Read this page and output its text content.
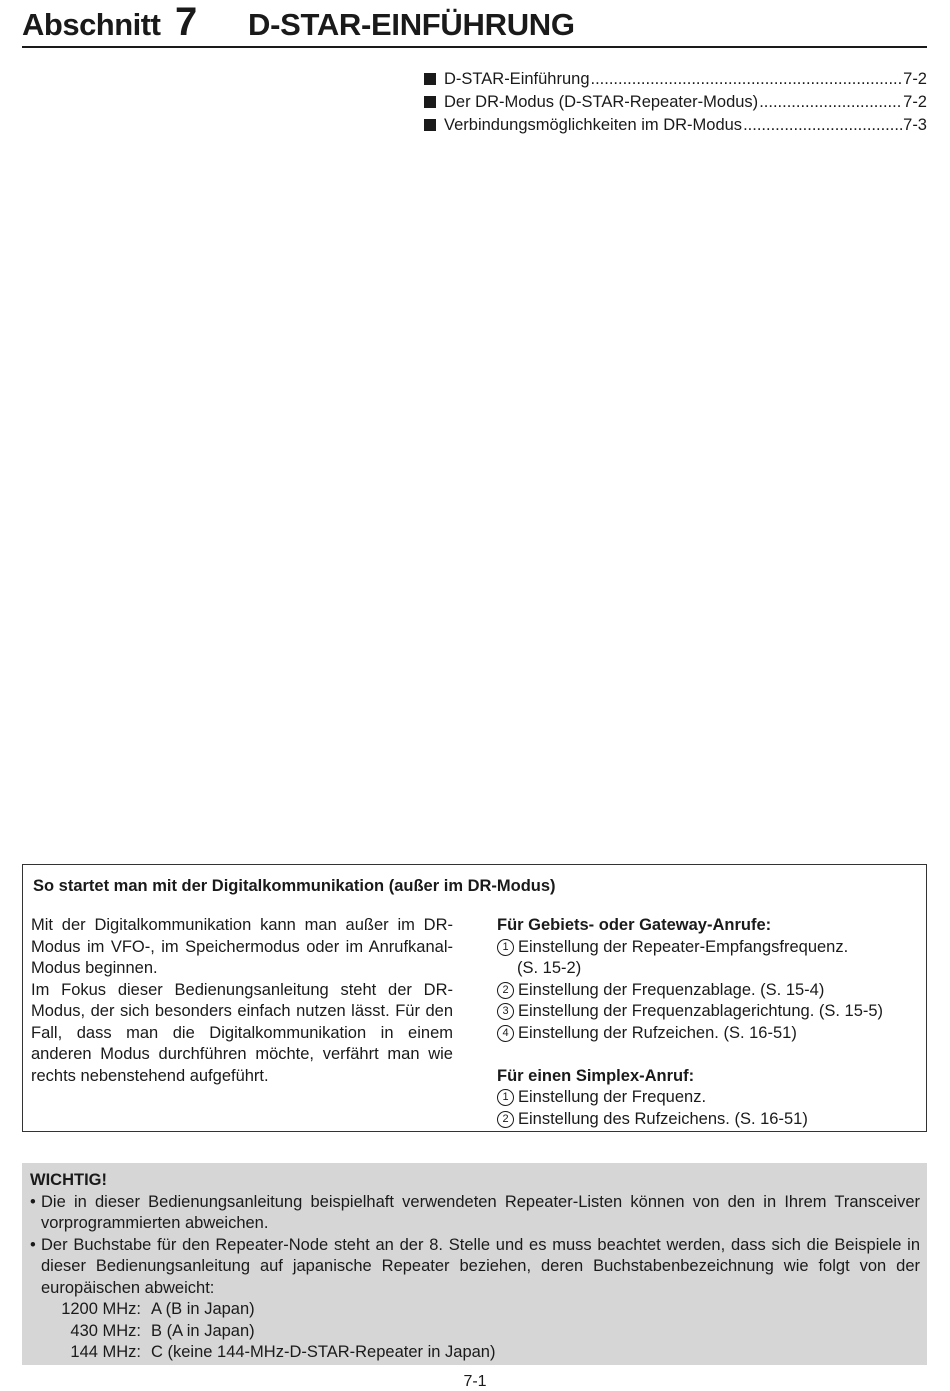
Abschnitt 7 D-STAR-EINFÜHRUNG
D-STAR-Einführung .....	7-2
Der DR-Modus (D-STAR-Repeater-Modus) .....	7-2
Verbindungsmöglichkeiten im DR-Modus .....	7-3
So startet man mit der Digitalkommunikation (außer im DR-Modus)

Mit der Digitalkommunikation kann man außer im DR-Modus im VFO-, im Speichermodus oder im Anrufkanal-Modus beginnen.

Im Fokus dieser Bedienungsanleitung steht der DR-Modus, der sich besonders einfach nutzen lässt. Für den Fall, dass man die Digitalkommunikation in einem anderen Modus durchführen möchte, verfährt man wie rechts nebenstehend aufgeführt.

Für Gebiets- oder Gateway-Anrufe:
1 Einstellung der Repeater-Empfangsfrequenz.
(S. 15-2)
2 Einstellung der Frequenzablage. (S. 15-4)
3 Einstellung der Frequenzablagerichtung. (S. 15-5)
4 Einstellung der Rufzeichen. (S. 16-51)
Für einen Simplex-Anruf:
1 Einstellung der Frequenz.
2 Einstellung des Rufzeichens. (S. 16-51)
WICHTIG!
• Die in dieser Bedienungsanleitung beispielhaft verwendeten Repeater-Listen können von den in Ihrem Transceiver vorprogrammierten abweichen.
• Der Buchstabe für den Repeater-Node steht an der 8. Stelle und es muss beachtet werden, dass sich die Beispiele in dieser Bedienungsanleitung auf japanische Repeater beziehen, deren Buchstabenbezeichnung wie folgt von der europäischen abweicht:
1200 MHz: A (B in Japan)
430 MHz: B (A in Japan)
144 MHz: C (keine 144-MHz-D-STAR-Repeater in Japan)
7-1
